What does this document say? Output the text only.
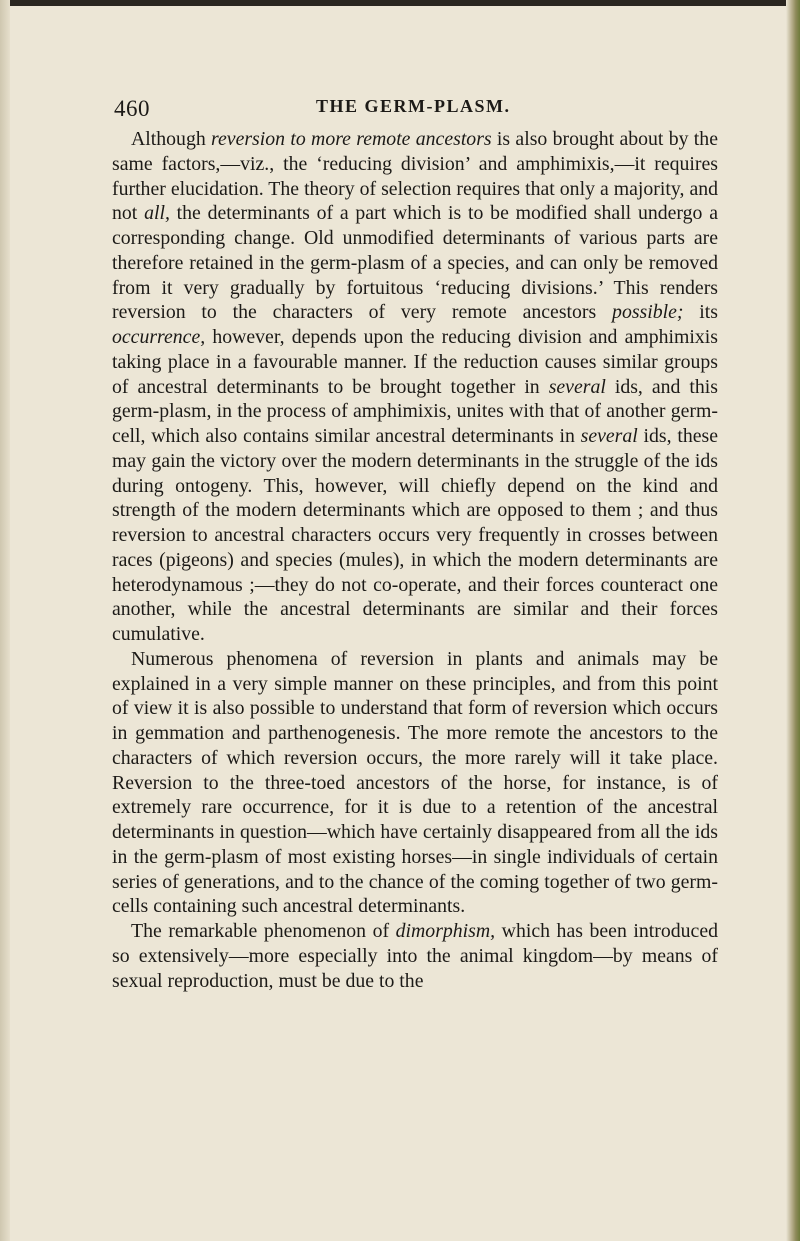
460	THE GERM-PLASM.

Although reversion to more remote ancestors is also brought about by the same factors,—viz., the ‘reducing division’ and amphimixis,—it requires further elucidation. The theory of selection requires that only a majority, and not all, the determinants of a part which is to be modified shall undergo a corresponding change. Old unmodified determinants of various parts are therefore retained in the germ-plasm of a species, and can only be removed from it very gradually by fortuitous ‘reducing divisions.’ This renders reversion to the characters of very remote ancestors possible; its occurrence, however, depends upon the reducing division and amphimixis taking place in a favourable manner. If the reduction causes similar groups of ancestral determinants to be brought together in several ids, and this germ-plasm, in the process of amphimixis, unites with that of another germ-cell, which also contains similar ancestral determinants in several ids, these may gain the victory over the modern determinants in the struggle of the ids during ontogeny. This, however, will chiefly depend on the kind and strength of the modern determinants which are opposed to them ; and thus reversion to ancestral characters occurs very frequently in crosses between races (pigeons) and species (mules), in which the modern determinants are heterodynamous ;—they do not co-operate, and their forces counteract one another, while the ancestral determinants are similar and their forces cumulative.

Numerous phenomena of reversion in plants and animals may be explained in a very simple manner on these principles, and from this point of view it is also possible to understand that form of reversion which occurs in gemmation and parthenogenesis. The more remote the ancestors to the characters of which reversion occurs, the more rarely will it take place. Reversion to the three-toed ancestors of the horse, for instance, is of extremely rare occurrence, for it is due to a retention of the ancestral determinants in question—which have certainly disappeared from all the ids in the germ-plasm of most existing horses—in single individuals of certain series of generations, and to the chance of the coming together of two germ-cells containing such ancestral determinants.

The remarkable phenomenon of dimorphism, which has been introduced so extensively—more especially into the animal kingdom—by means of sexual reproduction, must be due to the
